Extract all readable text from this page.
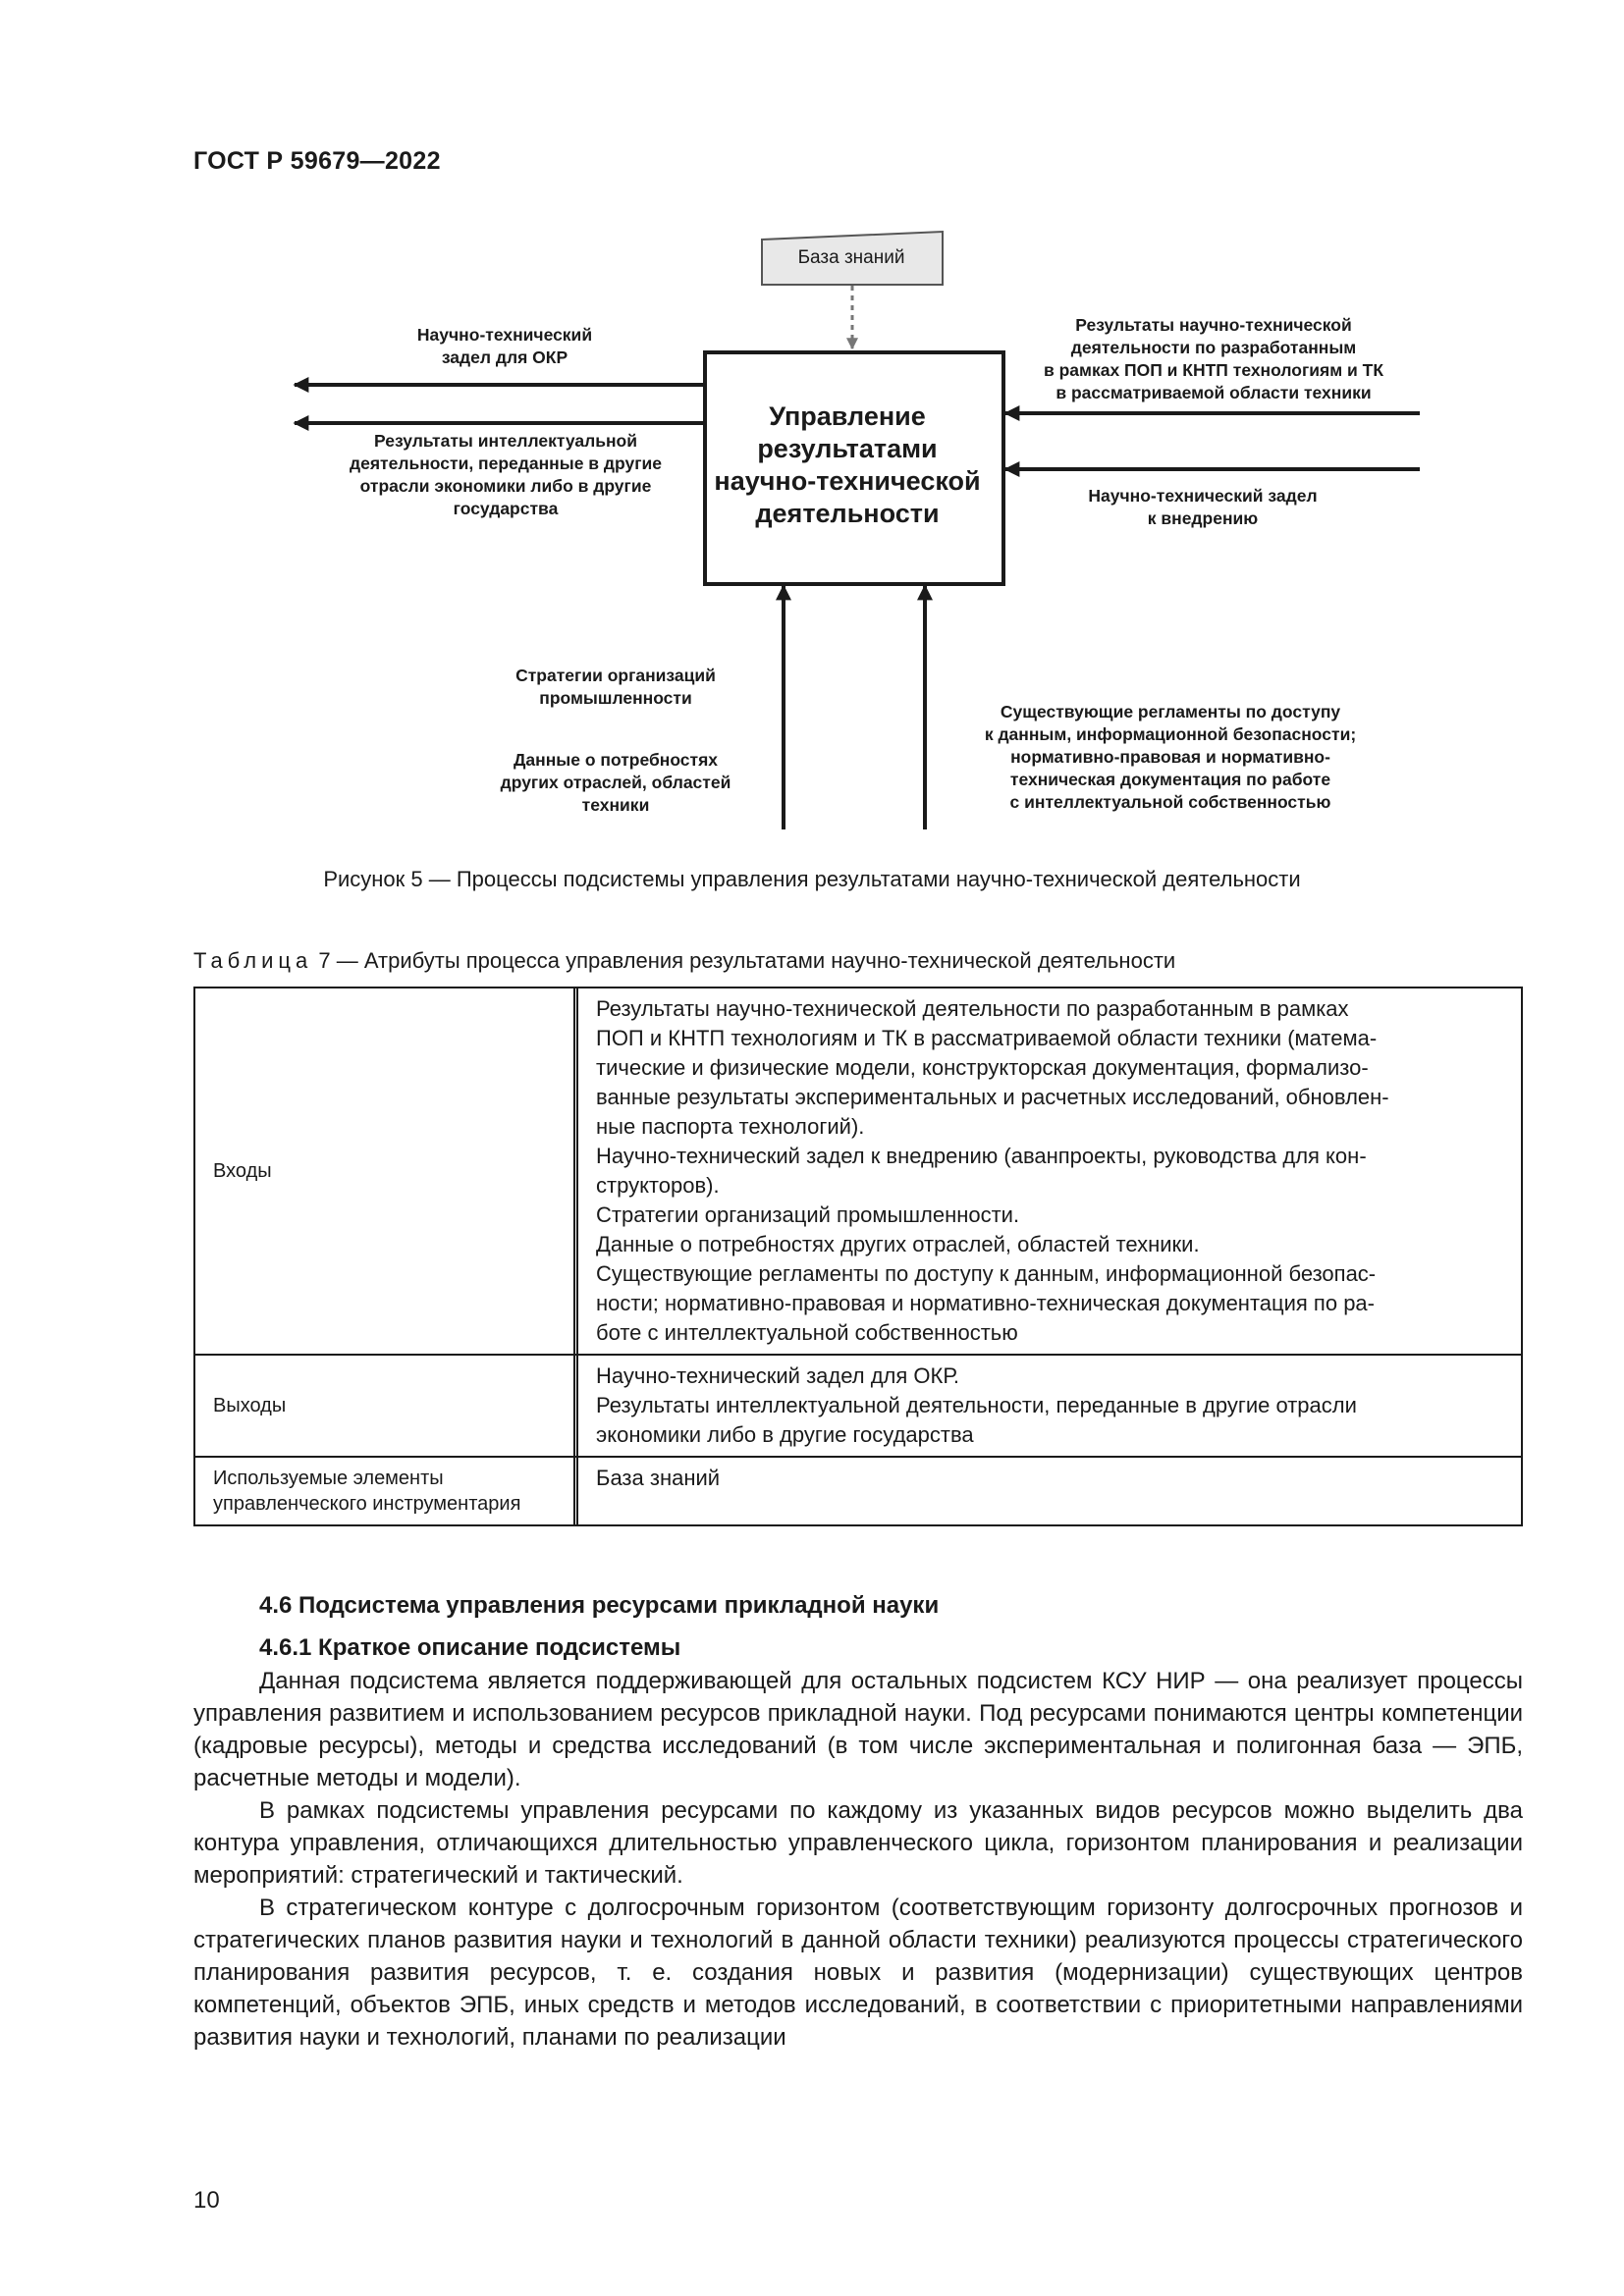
ГОСТ Р 59679—2022
База знаний
Управление
результатами
научно-технической
деятельности
Научно-технический
задел для ОКР
Результаты интеллектуальной
деятельности, переданные в другие
отрасли экономики либо в другие
государства
Результаты научно-технической
деятельности по разработанным
в рамках ПОП и КНТП технологиям и ТК
в рассматриваемой области техники
Научно-технический задел
к внедрению
Стратегии организаций
промышленности
Данные о потребностях
других отраслей, областей
техники
Существующие регламенты по доступу
к данным, информационной безопасности;
нормативно-правовая и нормативно-
техническая документация по работе
с интеллектуальной собственностью
Рисунок 5 — Процессы подсистемы управления результатами научно-технической деятельности
Таблица 7 — Атрибуты процесса управления результатами научно-технической деятельности
Входы
Результаты научно-технической деятельности по разработанным в рамках
ПОП и КНТП технологиям и ТК в рассматриваемой области техники (матема-
тические и физические модели, конструкторская документация, формализо-
ванные результаты экспериментальных и расчетных исследований, обновлен-
ные паспорта технологий).
Научно-технический задел к внедрению (аванпроекты, руководства для кон-
структоров).
Стратегии организаций промышленности.
Данные о потребностях других отраслей, областей техники.
Существующие регламенты по доступу к данным, информационной безопас-
ности; нормативно-правовая и нормативно-техническая документация по ра-
боте с интеллектуальной собственностью
Выходы
Научно-технический задел для ОКР.
Результаты интеллектуальной деятельности, переданные в другие отрасли
экономики либо в другие государства
Используемые элементы
управленческого инструментария
База знаний
4.6 Подсистема управления ресурсами прикладной науки
4.6.1 Краткое описание подсистемы

Данная подсистема является поддерживающей для остальных подсистем КСУ НИР — она реализует процессы управления развитием и использованием ресурсов прикладной науки. Под ресурсами понимаются центры компетенции (кадровые ресурсы), методы и средства исследований (в том числе экспериментальная и полигонная база — ЭПБ, расчетные методы и модели).

В рамках подсистемы управления ресурсами по каждому из указанных видов ресурсов можно выделить два контура управления, отличающихся длительностью управленческого цикла, горизонтом планирования и реализации мероприятий: стратегический и тактический.

В стратегическом контуре с долгосрочным горизонтом (соответствующим горизонту долгосрочных прогнозов и стратегических планов развития науки и технологий в данной области техники) реализуются процессы стратегического планирования развития ресурсов, т. е. создания новых и развития (модернизации) существующих центров компетенций, объектов ЭПБ, иных средств и методов исследований, в соответствии с приоритетными направлениями развития науки и технологий, планами по реализации

10
